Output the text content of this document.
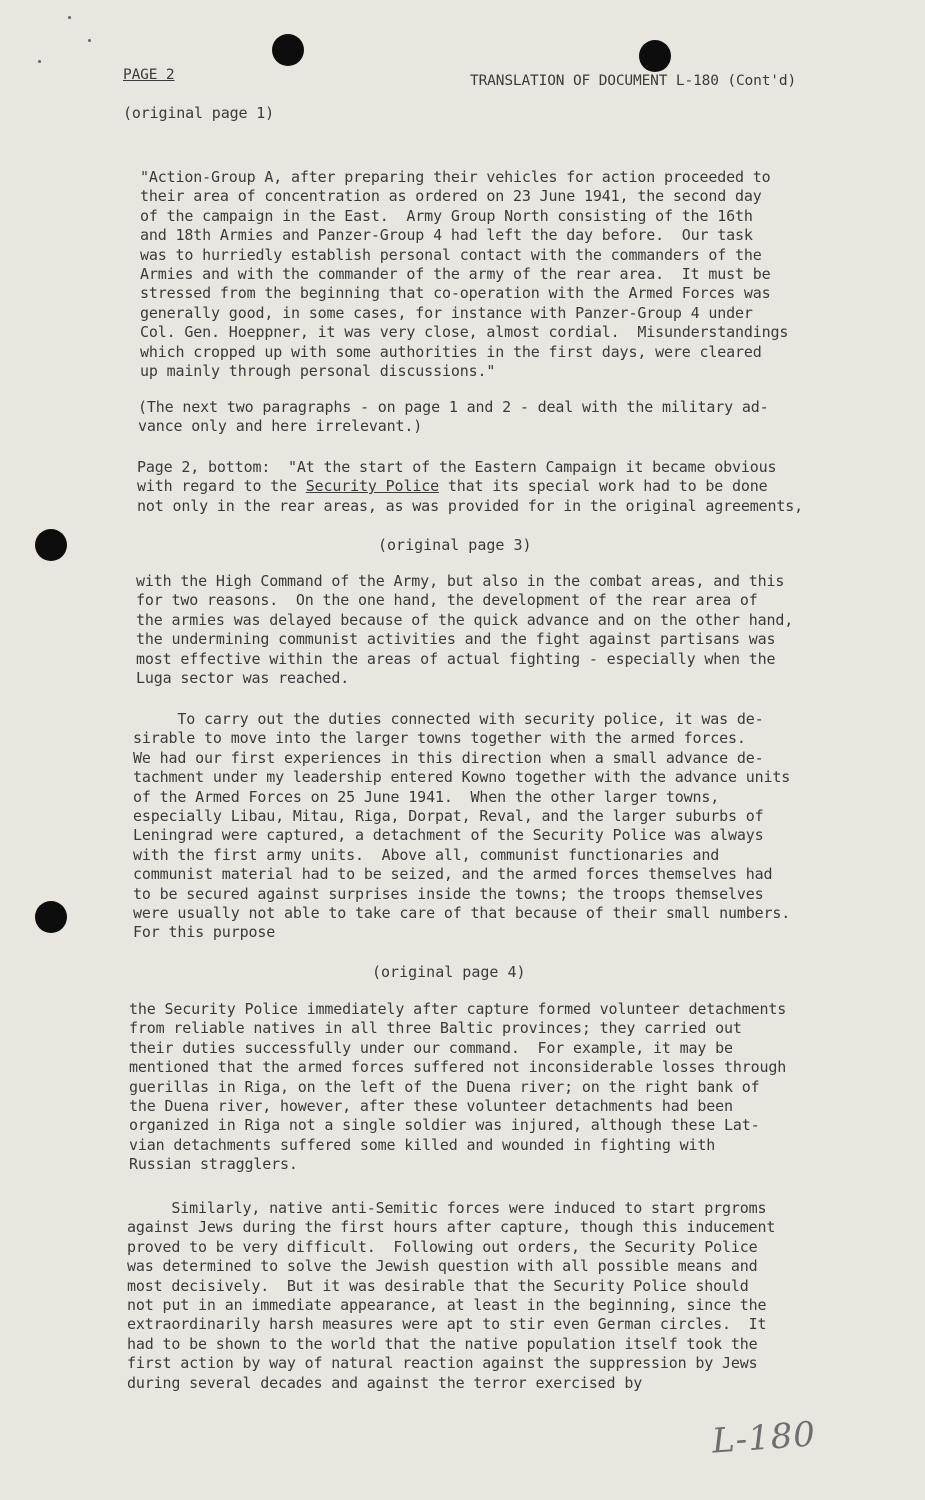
PAGE 2	TRANSLATION OF DOCUMENT L-180 (Cont'd)

(original page 1)

"Action-Group A, after preparing their vehicles for action proceeded to
their area of concentration as ordered on 23 June 1941, the second day
of the campaign in the East.  Army Group North consisting of the 16th
and 18th Armies and Panzer-Group 4 had left the day before.  Our task
was to hurriedly establish personal contact with the commanders of the
Armies and with the commander of the army of the rear area.  It must be
stressed from the beginning that co-operation with the Armed Forces was
generally good, in some cases, for instance with Panzer-Group 4 under
Col. Gen. Hoeppner, it was very close, almost cordial.  Misunderstandings
which cropped up with some authorities in the first days, were cleared
up mainly through personal discussions."

(The next two paragraphs - on page 1 and 2 - deal with the military ad-
vance only and here irrelevant.)

Page 2, bottom:  "At the start of the Eastern Campaign it became obvious
with regard to the Security Police that its special work had to be done
not only in the rear areas, as was provided for in the original agreements,

(original page 3)

with the High Command of the Army, but also in the combat areas, and this
for two reasons.  On the one hand, the development of the rear area of
the armies was delayed because of the quick advance and on the other hand,
the undermining communist activities and the fight against partisans was
most effective within the areas of actual fighting - especially when the
Luga sector was reached.

To carry out the duties connected with security police, it was de-
sirable to move into the larger towns together with the armed forces.
We had our first experiences in this direction when a small advance de-
tachment under my leadership entered Kowno together with the advance units
of the Armed Forces on 25 June 1941.  When the other larger towns,
especially Libau, Mitau, Riga, Dorpat, Reval, and the larger suburbs of
Leningrad were captured, a detachment of the Security Police was always
with the first army units.  Above all, communist functionaries and
communist material had to be seized, and the armed forces themselves had
to be secured against surprises inside the towns; the troops themselves
were usually not able to take care of that because of their small numbers.
For this purpose

(original page 4)

the Security Police immediately after capture formed volunteer detachments
from reliable natives in all three Baltic provinces; they carried out
their duties successfully under our command.  For example, it may be
mentioned that the armed forces suffered not inconsiderable losses through
guerillas in Riga, on the left of the Duena river; on the right bank of
the Duena river, however, after these volunteer detachments had been
organized in Riga not a single soldier was injured, although these Lat-
vian detachments suffered some killed and wounded in fighting with
Russian stragglers.

Similarly, native anti-Semitic forces were induced to start prgroms
against Jews during the first hours after capture, though this inducement
proved to be very difficult.  Following out orders, the Security Police
was determined to solve the Jewish question with all possible means and
most decisively.  But it was desirable that the Security Police should
not put in an immediate appearance, at least in the beginning, since the
extraordinarily harsh measures were apt to stir even German circles.  It
had to be shown to the world that the native population itself took the
first action by way of natural reaction against the suppression by Jews
during several decades and against the terror exercised by

L-180
